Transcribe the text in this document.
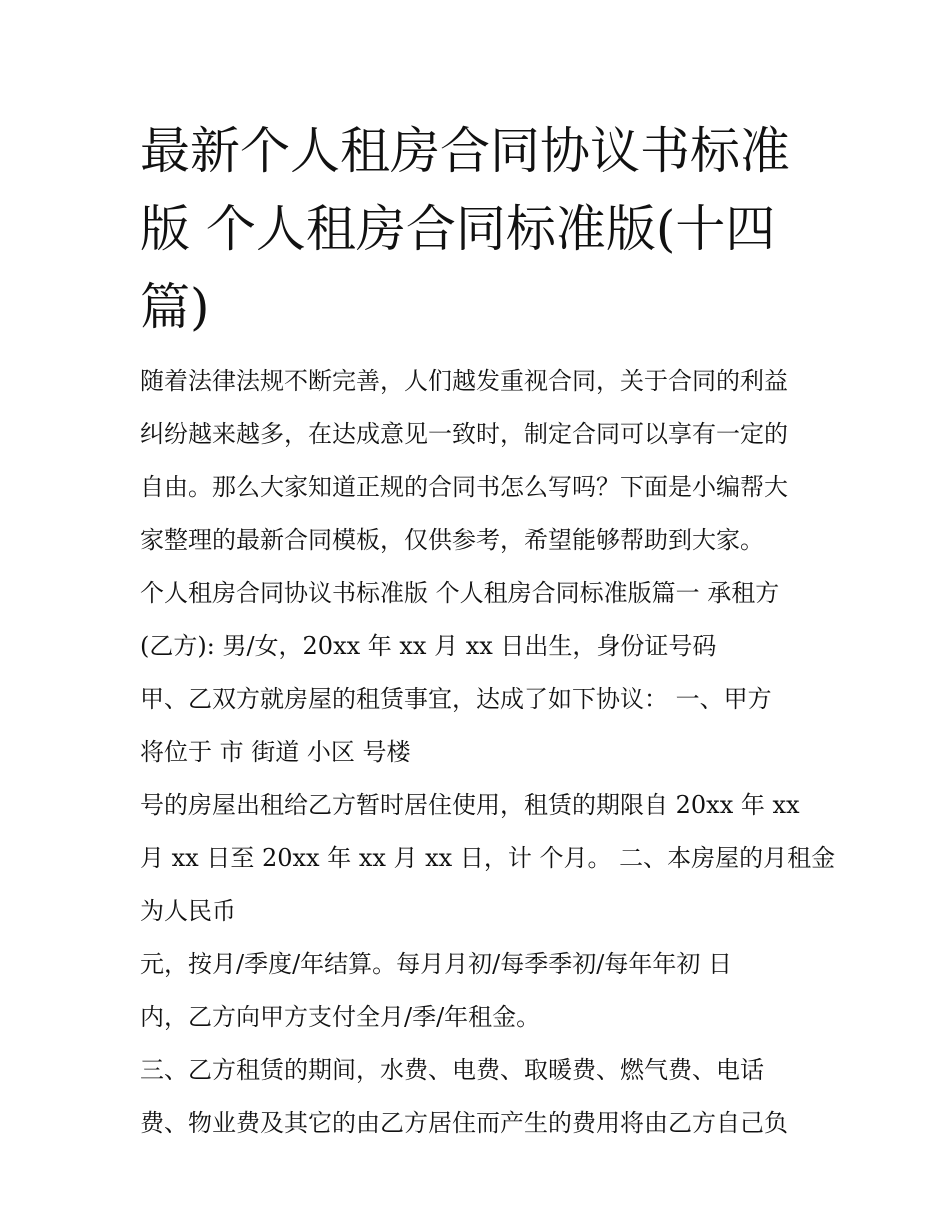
最新个人租房合同协议书标准
版 个人租房合同标准版(十四
篇)
随着法律法规不断完善，人们越发重视合同，关于合同的利益
纠纷越来越多，在达成意见一致时，制定合同可以享有一定的
自由。那么大家知道正规的合同书怎么写吗？下面是小编帮大
家整理的最新合同模板，仅供参考，希望能够帮助到大家。
个人租房合同协议书标准版 个人租房合同标准版篇一 承租方
(乙方): 男/女，20xx 年 xx 月 xx 日出生，身份证号码
甲、乙双方就房屋的租赁事宜，达成了如下协议： 一、甲方
将位于 市 街道 小区 号楼
号的房屋出租给乙方暂时居住使用，租赁的期限自 20xx 年 xx
月 xx 日至 20xx 年 xx 月 xx 日，计 个月。 二、本房屋的月租金
为人民币
元，按月/季度/年结算。每月月初/每季季初/每年年初 日
内，乙方向甲方支付全月/季/年租金。
三、乙方租赁的期间，水费、电费、取暖费、燃气费、电话
费、物业费及其它的由乙方居住而产生的费用将由乙方自己负
